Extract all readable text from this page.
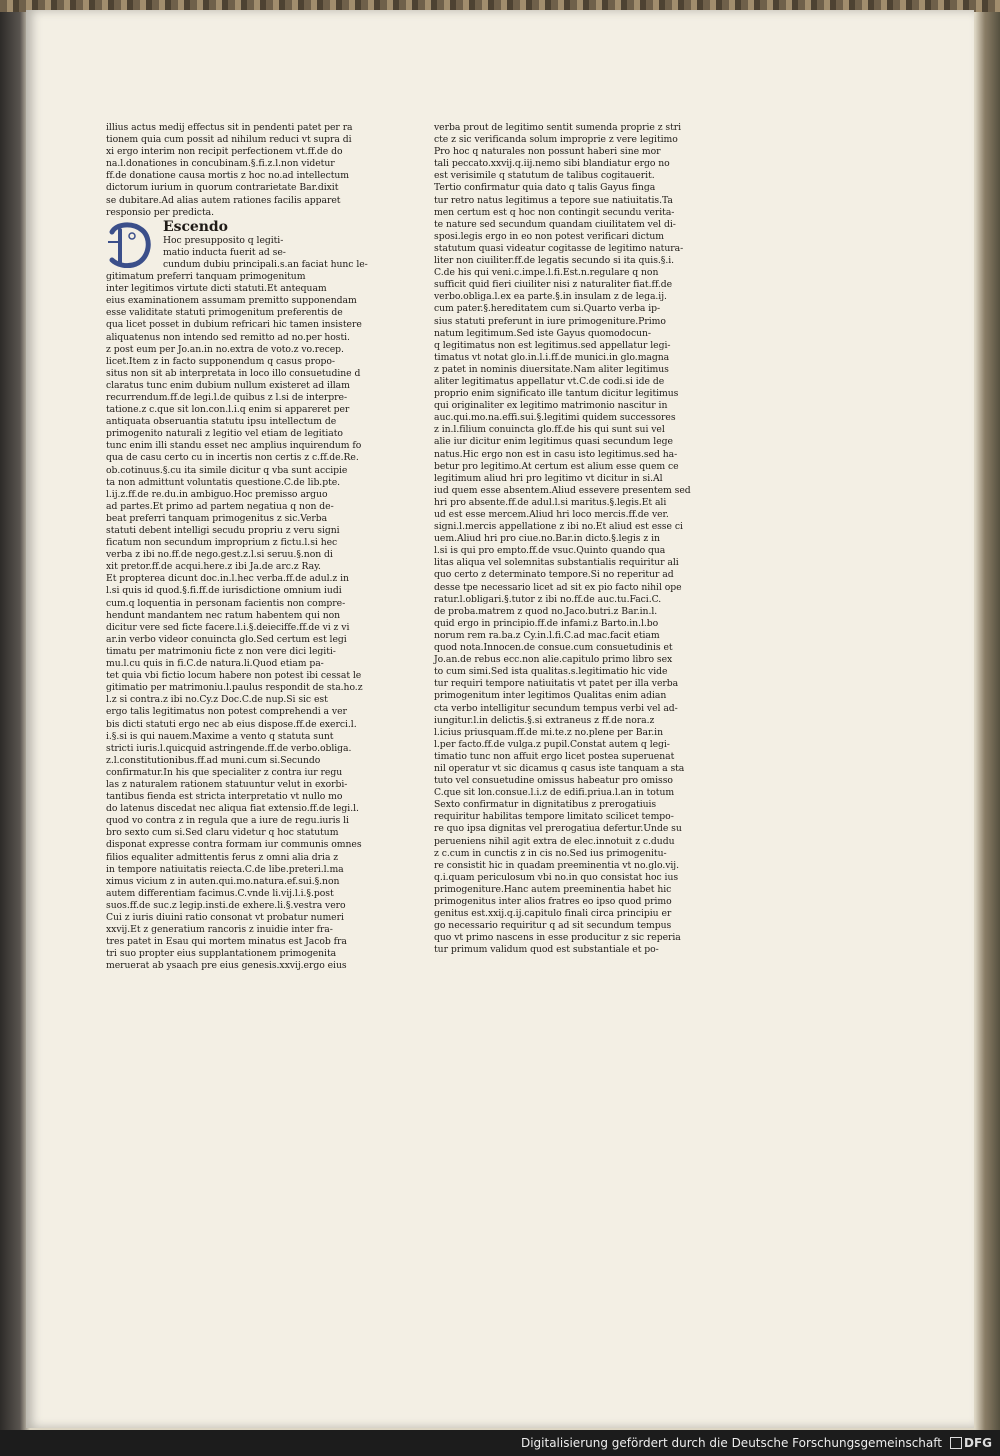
illius actus medij effectus sit in pendenti patet per ra

tionem quia cum possit ad nihilum reduci vt supra di

xi ergo interim non recipit perfectionem vt.ff.de do

na.l.donationes in concubinam.§.fi.z.l.non videtur

ff.de donatione causa mortis z hoc no.ad intellectum

dictorum iurium in quorum contrarietate Bar.dixit

se dubitare.Ad alias autem rationes facilis apparet

responsio per predicta.

Escendo

Hoc presupposito q legiti-

matio inducta fuerit ad se-

cundum dubiu principali.s.an faciat hunc le-

gitimatum preferri tanquam primogenitum

inter legitimos virtute dicti statuti.Et antequam

eius examinationem assumam premitto supponendam

esse validitate statuti primogenitum preferentis de

qua licet posset in dubium refricari hic tamen insistere

aliquatenus non intendo sed remitto ad no.per hosti.

z post eum per Jo.an.in no.extra de voto.z vo.recep.

licet.Item z in facto supponendum q casus propo-

situs non sit ab interpretata in loco illo consuetudine d

claratus tunc enim dubium nullum existeret ad illam

recurrendum.ff.de legi.l.de quibus z l.si de interpre-

tatione.z c.que sit lon.con.l.i.q enim si appareret per

antiquata obseruantia statutu ipsu intellectum de

primogenito naturali z legitio vel etiam de legitiato

tunc enim illi standu esset nec amplius inquirendum fo

qua de casu certo cu in incertis non certis z c.ff.de.Re.

ob.cotinuus.§.cu ita simile dicitur q vba sunt accipie

ta non admittunt voluntatis questione.C.de lib.pte.

l.ij.z.ff.de re.du.in ambiguo.Hoc premisso arguo

ad partes.Et primo ad partem negatiua q non de-

beat preferri tanquam primogenitus z sic.Verba

statuti debent intelligi secudu propriu z veru signi

ficatum non secundum improprium z fictu.l.si hec

verba z ibi no.ff.de nego.gest.z.l.si seruu.§.non di

xit pretor.ff.de acqui.here.z ibi Ja.de arc.z Ray.

Et propterea dicunt doc.in.l.hec verba.ff.de adul.z in

l.si quis id quod.§.fi.ff.de iurisdictione omnium iudi

cum.q loquentia in personam facientis non compre-

hendunt mandantem nec ratum habentem qui non

dicitur vere sed ficte facere.l.i.§.deieciffe.ff.de vi z vi

ar.in verbo videor conuincta glo.Sed certum est legi

timatu per matrimoniu ficte z non vere dici legiti-

mu.l.cu quis in fi.C.de natura.li.Quod etiam pa-

tet quia vbi fictio locum habere non potest ibi cessat le

gitimatio per matrimoniu.l.paulus respondit de sta.ho.z

l.z si contra.z ibi no.Cy.z Doc.C.de nup.Si sic est

ergo talis legitimatus non potest comprehendi a ver

bis dicti statuti ergo nec ab eius dispose.ff.de exerci.l.

i.§.si is qui nauem.Maxime a vento q statuta sunt

stricti iuris.l.quicquid astringende.ff.de verbo.obliga.

z.l.constitutionibus.ff.ad muni.cum si.Secundo

confirmatur.In his que specialiter z contra iur regu

las z naturalem rationem statuuntur velut in exorbi-

tantibus fienda est stricta interpretatio vt nullo mo

do latenus discedat nec aliqua fiat extensio.ff.de legi.l.

quod vo contra z in regula que a iure de regu.iuris li

bro sexto cum si.Sed claru videtur q hoc statutum

disponat expresse contra formam iur communis omnes

filios equaliter admittentis ferus z omni alia dria z

in tempore natiuitatis reiecta.C.de libe.preteri.l.ma

ximus vicium z in auten.qui.mo.natura.ef.sui.§.non

autem differentiam facimus.C.vnde li.vij.l.i.§.post

suos.ff.de suc.z legip.insti.de exhere.li.§.vestra vero

Cui z iuris diuini ratio consonat vt probatur numeri

xxvij.Et z generatium rancoris z inuidie inter fra-

tres patet in Esau qui mortem minatus est Jacob fra

tri suo propter eius supplantationem primogenita

meruerat ab ysaach pre eius genesis.xxvij.ergo eius

verba prout de legitimo sentit sumenda proprie z stri

cte z sic verificanda solum improprie z vere legitimo

Pro hoc q naturales non possunt haberi sine mor

tali peccato.xxvij.q.iij.nemo sibi blandiatur ergo no

est verisimile q statutum de talibus cogitauerit.

Tertio confirmatur quia dato q talis Gayus finga

tur retro natus legitimus a tepore sue natiuitatis.Ta

men certum est q hoc non contingit secundu verita-

te nature sed secundum quandam ciuilitatem vel di-

sposi.legis ergo in eo non potest verificari dictum

statutum quasi videatur cogitasse de legitimo natura-

liter non ciuiliter.ff.de legatis secundo si ita quis.§.i.

C.de his qui veni.c.impe.l.fi.Est.n.regulare q non

sufficit quid fieri ciuiliter nisi z naturaliter fiat.ff.de

verbo.obliga.l.ex ea parte.§.in insulam z de lega.ij.

cum pater.§.hereditatem cum si.Quarto verba ip-

sius statuti preferunt in iure primogeniture.Primo

natum legitimum.Sed iste Gayus quomodocun-

q legitimatus non est legitimus.sed appellatur legi-

timatus vt notat glo.in.l.i.ff.de munici.in glo.magna

z patet in nominis diuersitate.Nam aliter legitimus

aliter legitimatus appellatur vt.C.de codi.si ide de

proprio enim significato ille tantum dicitur legitimus

qui originaliter ex legitimo matrimonio nascitur in

auc.qui.mo.na.effi.sui.§.legitimi quidem successores

z in.l.filium conuincta glo.ff.de his qui sunt sui vel

alie iur dicitur enim legitimus quasi secundum lege

natus.Hic ergo non est in casu isto legitimus.sed ha-

betur pro legitimo.At certum est alium esse quem ce

legitimum aliud hri pro legitimo vt dicitur in si.Al

iud quem esse absentem.Aliud essevere presentem sed

hri pro absente.ff.de adul.l.si maritus.§.legis.Et ali

ud est esse mercem.Aliud hri loco mercis.ff.de ver.

signi.l.mercis appellatione z ibi no.Et aliud est esse ci

uem.Aliud hri pro ciue.no.Bar.in dicto.§.legis z in

l.si is qui pro empto.ff.de vsuc.Quinto quando qua

litas aliqua vel solemnitas substantialis requiritur ali

quo certo z determinato tempore.Si no reperitur ad

desse tpe necessario licet ad sit ex pio facto nihil ope

ratur.l.obligari.§.tutor z ibi no.ff.de auc.tu.Faci.C.

de proba.matrem z quod no.Jaco.butri.z Bar.in.l.

quid ergo in principio.ff.de infami.z Barto.in.l.bo

norum rem ra.ba.z Cy.in.l.fi.C.ad mac.facit etiam

quod nota.Innocen.de consue.cum consuetudinis et

Jo.an.de rebus ecc.non alie.capitulo primo libro sex

to cum simi.Sed ista qualitas.s.legitimatio hic vide

tur requiri tempore natiuitatis vt patet per illa verba

primogenitum inter legitimos Qualitas enim adian

cta verbo intelligitur secundum tempus verbi vel ad-

iungitur.l.in delictis.§.si extraneus z ff.de nora.z

l.icius priusquam.ff.de mi.te.z no.plene per Bar.in

l.per facto.ff.de vulga.z pupil.Constat autem q legi-

timatio tunc non affuit ergo licet postea superuenat

nil operatur vt sic dicamus q casus iste tanquam a sta

tuto vel consuetudine omissus habeatur pro omisso

C.que sit lon.consue.l.i.z de edifi.priua.l.an in totum

Sexto confirmatur in dignitatibus z prerogatiuis

requiritur habilitas tempore limitato scilicet tempo-

re quo ipsa dignitas vel prerogatiua defertur.Unde su

perueniens nihil agit extra de elec.innotuit z c.dudu

z c.cum in cunctis z in cis no.Sed ius primogenitu-

re consistit hic in quadam preeminentia vt no.glo.vij.

q.i.quam periculosum vbi no.in quo consistat hoc ius

primogeniture.Hanc autem preeminentia habet hic

primogenitus inter alios fratres eo ipso quod primo

genitus est.xxij.q.ij.capitulo finali circa principiu er

go necessario requiritur q ad sit secundum tempus

quo vt primo nascens in esse producitur z sic reperia

tur primum validum quod est substantiale et po-

Digitalisierung gefördert durch die Deutsche Forschungsgemeinschaft DFG
